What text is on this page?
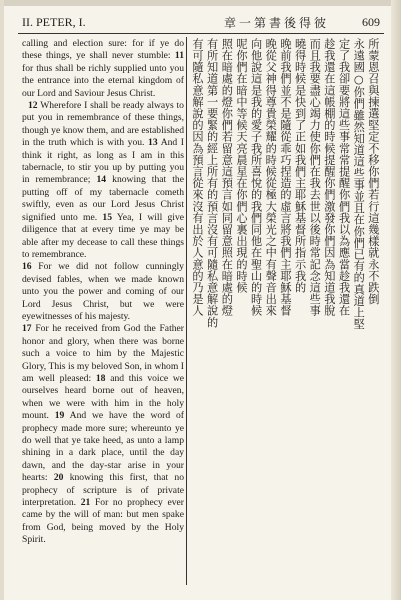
II. PETER, I.	章一第書後得彼	609

calling and election sure: for if ye do these things, ye shall never stumble: 11 for thus shall be richly supplied unto you the entrance into the eternal kingdom of our Lord and Saviour Jesus Christ.

12 Wherefore I shall be ready always to put you in remembrance of these things, though ye know them, and are established in the truth which is with you. 13 And I think it right, as long as I am in this tabernacle, to stir you up by putting you in remembrance; 14 knowing that the putting off of my tabernacle cometh swiftly, even as our Lord Jesus Christ signified unto me. 15 Yea, I will give diligence that at every time ye may be able after my decease to call these things to remembrance.

16 For we did not follow cunningly devised fables, when we made known unto you the power and coming of our Lord Jesus Christ, but we were eyewitnesses of his majesty.

17 For he received from God the Father honor and glory, when there was borne such a voice to him by the Majestic Glory, This is my beloved Son, in whom I am well pleased: 18 and this voice we ourselves heard borne out of heaven, when we were with him in the holy mount. 19 And we have the word of prophecy made more sure; whereunto ye do well that ye take heed, as unto a lamp shining in a dark place, until the day dawn, and the day-star arise in your hearts: 20 knowing this first, that no prophecy of scripture is of private interpretation. 21 For no prophecy ever came by the will of man: but men spake from God, being moved by the Holy Spirit.

所蒙恩召與揀選堅定不移你們若行這幾樣就永不跌倒
永遠國○你們雖然知道這些事並且在你們已有的真道上堅
定了我卻要將這些事常常提醒你們我以為應當趁我還在
趁我還在這帳棚的時候提醒你們激發你們因為知道我脫
而且我要盡心竭力使你們在我去世以後時常記念這些事
曉得時候是快到了正如我們主耶穌基督所指示我的
晚前我們並不是隨從乖巧捏造的虛言將我們主耶穌基督
晚從父神得尊貴榮耀的時候從極大榮光之中有聲音出來
向他說這是我的愛子我所喜悅的我們同他在聖山的時候
呢你們在暗中等候天亮晨星在你們心裏出現的時候
照在暗處的燈你們若留意這預言如同留意照在暗處的燈
有所知道第一要緊的經上所有的預言沒有可隨私意解說的
有可隨私意解說的因為預言從來沒有出於人意的乃是人
